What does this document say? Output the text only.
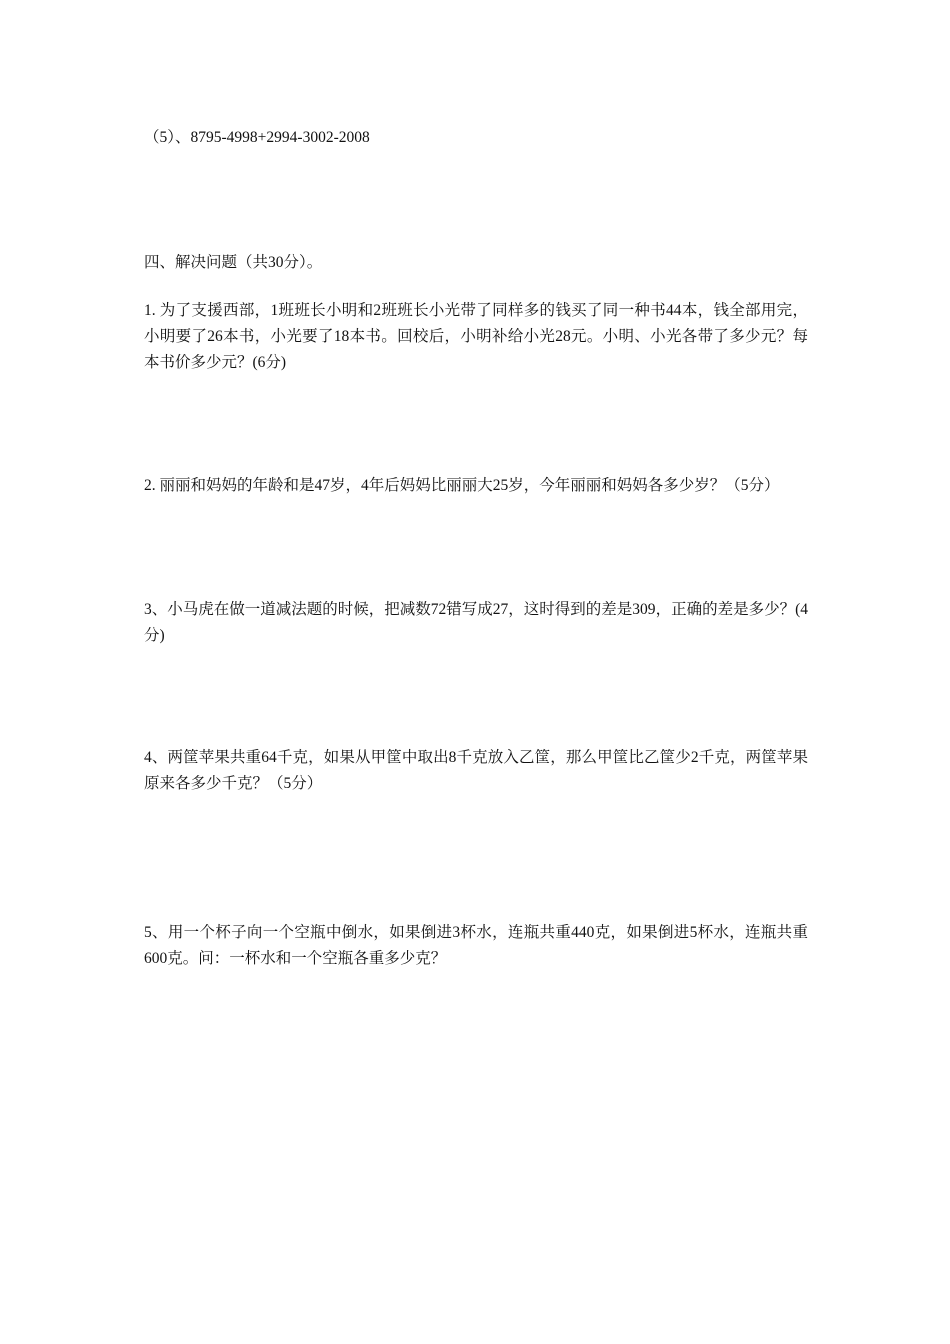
（5）、8795-4998+2994-3002-2008
四、解决问题（共30分）。
1. 为了支援西部，1班班长小明和2班班长小光带了同样多的钱买了同一种书44本，钱全部用完，小明要了26本书，小光要了18本书。回校后，小明补给小光28元。小明、小光各带了多少元？每本书价多少元？(6分)
2. 丽丽和妈妈的年龄和是47岁，4年后妈妈比丽丽大25岁，今年丽丽和妈妈各多少岁？（5分）
3、小马虎在做一道减法题的时候，把减数72错写成27，这时得到的差是309，正确的差是多少？(4分)
4、两筐苹果共重64千克，如果从甲筐中取出8千克放入乙筐，那么甲筐比乙筐少2千克，两筐苹果原来各多少千克？（5分）
5、用一个杯子向一个空瓶中倒水，如果倒进3杯水，连瓶共重440克，如果倒进5杯水，连瓶共重600克。问：一杯水和一个空瓶各重多少克？
